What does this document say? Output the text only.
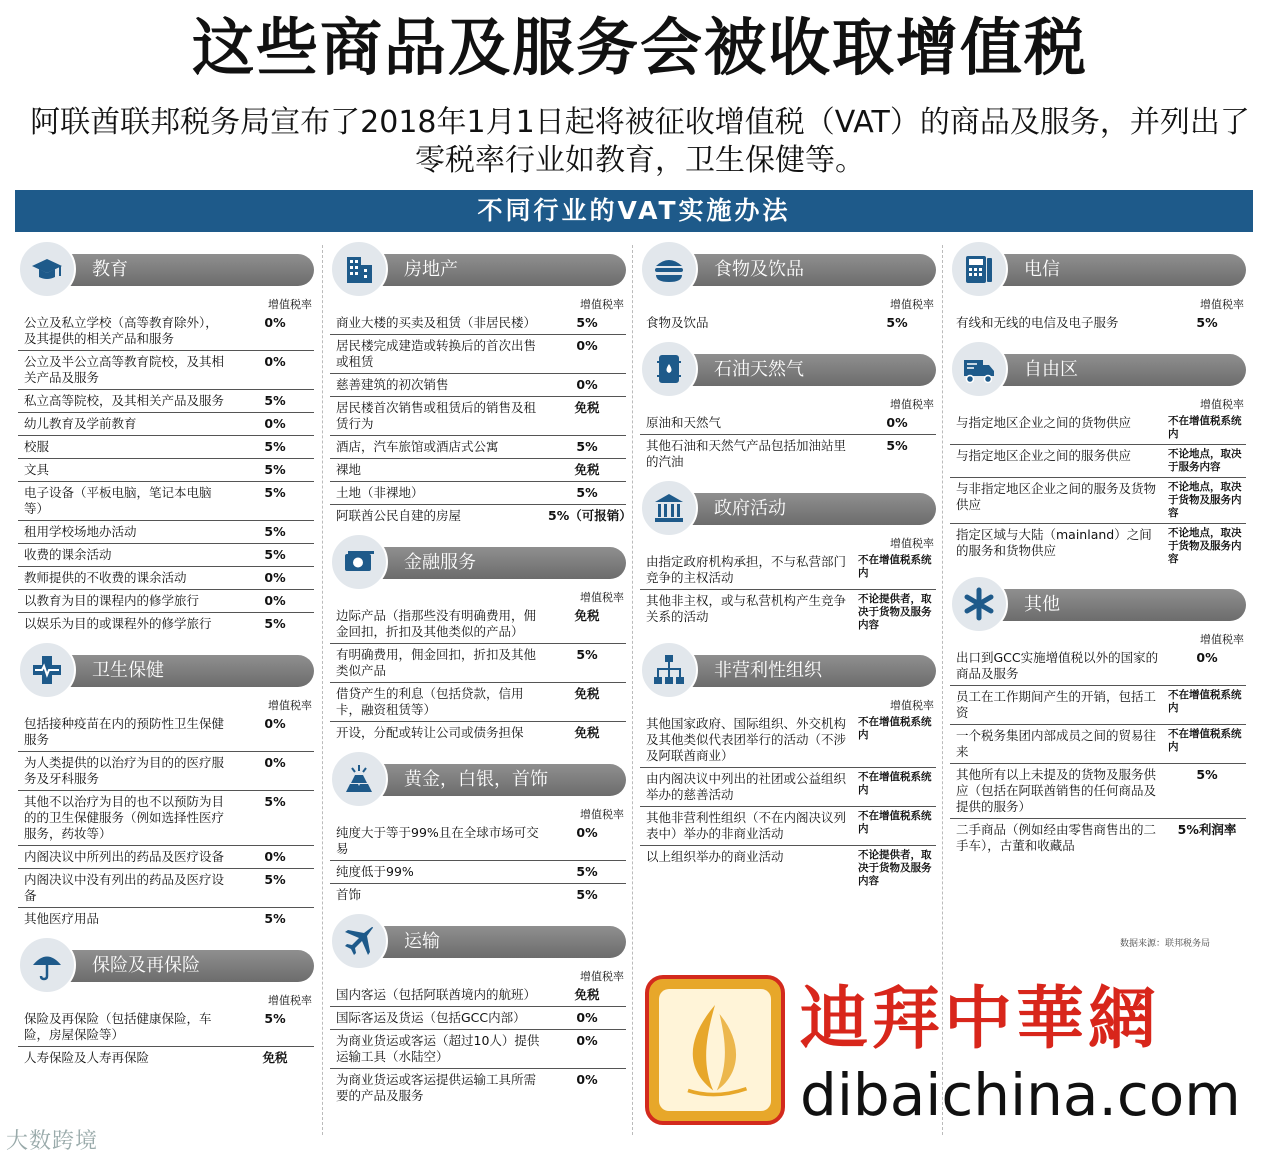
这些商品及服务会被收取增值税
阿联酋联邦税务局宣布了2018年1月1日起将被征收增值税（VAT）的商品及服务，并列出了零税率行业如教育，卫生保健等。
不同行业的VAT实施办法
教育
增值税率
公立及私立学校（高等教育除外），及其提供的相关产品和服务
0%
公立及半公立高等教育院校，及其相关产品及服务
0%
私立高等院校，及其相关产品及服务	5%
幼儿教育及学前教育	0%
校服	5%
文具	5%
电子设备（平板电脑，笔记本电脑等）
5%
租用学校场地办活动	5%
收费的课余活动	5%
教师提供的不收费的课余活动	0%
以教育为目的课程内的修学旅行	0%
以娱乐为目的或课程外的修学旅行	5%
卫生保健
增值税率
包括接种疫苗在内的预防性卫生保健服务
0%
为人类提供的以治疗为目的的医疗服务及牙科服务
0%
其他不以治疗为目的也不以预防为目的的卫生保健服务（例如选择性医疗服务，药妆等）
5%
内阁决议中所列出的药品及医疗设备	0%
内阁决议中没有列出的药品及医疗设备
5%
其他医疗用品	5%
保险及再保险
增值税率
保险及再保险（包括健康保险，车险，房屋保险等）
5%
人寿保险及人寿再保险	免税
房地产
增值税率
商业大楼的买卖及租赁（非居民楼）	5%
居民楼完成建造或转换后的首次出售或租赁
0%
慈善建筑的初次销售	0%
居民楼首次销售或租赁后的销售及租赁行为
免税
酒店，汽车旅馆或酒店式公寓	5%
裸地	免税
土地（非裸地）	5%
阿联酋公民自建的房屋	5%（可报销）
金融服务
增值税率
边际产品（指那些没有明确费用，佣金回扣，折扣及其他类似的产品）
免税
有明确费用，佣金回扣，折扣及其他类似产品
5%
借贷产生的利息（包括贷款，信用卡，融资租赁等）
免税
开设，分配或转让公司或债务担保	免税
黄金，白银，首饰
增值税率
纯度大于等于99%且在全球市场可交易
0%
纯度低于99%	5%
首饰	5%
运输
增值税率
国内客运（包括阿联酋境内的航班）	免税
国际客运及货运（包括GCC内部）	0%
为商业货运或客运（超过10人）提供运输工具（水陆空）
0%
为商业货运或客运提供运输工具所需要的产品及服务
0%
食物及饮品
增值税率
食物及饮品	5%
石油天然气
增值税率
原油和天然气	0%
其他石油和天然气产品包括加油站里的汽油
5%
政府活动
增值税率
由指定政府机构承担，不与私营部门竞争的主权活动
不在增值税系统内
其他非主权，或与私营机构产生竞争关系的活动
不论提供者，取决于货物及服务内容
非营利性组织
增值税率
其他国家政府、国际组织、外交机构及其他类似代表团举行的活动（不涉及阿联酋商业）
不在增值税系统内
由内阁决议中列出的社团或公益组织举办的慈善活动
不在增值税系统内
其他非营利性组织（不在内阁决议列表中）举办的非商业活动
不在增值税系统内
以上组织举办的商业活动	不论提供者，取决于货物及服务内容
电信
增值税率
有线和无线的电信及电子服务	5%
自由区
增值税率
与指定地区企业之间的货物供应	不在增值税系统内
与指定地区企业之间的服务供应	不论地点，取决于服务内容
与非指定地区企业之间的服务及货物供应
不论地点，取决于货物及服务内容
指定区域与大陆（mainland）之间的服务和货物供应
不论地点，取决于货物及服务内容
其他
增值税率
出口到GCC实施增值税以外的国家的商品及服务
0%
员工在工作期间产生的开销，包括工资
不在增值税系统内
一个税务集团内部成员之间的贸易往来
不在增值税系统内
其他所有以上未提及的货物及服务供应（包括在阿联酋销售的任何商品及提供的服务）
5%
二手商品（例如经由零售商售出的二手车），古董和收藏品
5%利润率
数据来源：联邦税务局
迪拜中華網
dibaichina.com
大数跨境
